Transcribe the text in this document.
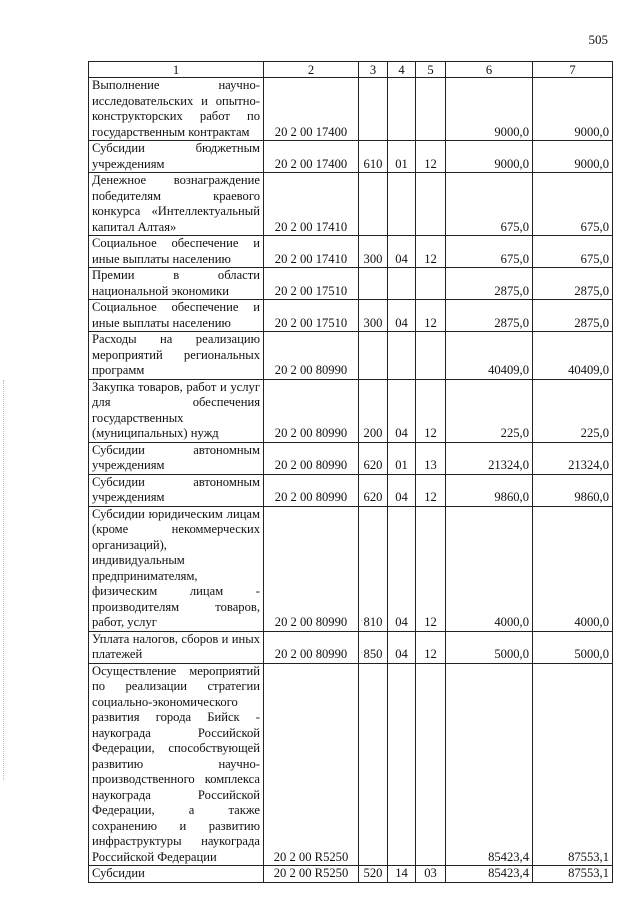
505
1	2	3	4	5	6	7
Выполнение научно-исследовательских и опытно-конструкторских работ по государственным контрактам	20 2 00 17400				9000,0	9000,0
Субсидии бюджетным учреждениям	20 2 00 17400	610	01	12	9000,0	9000,0
Денежное вознаграждение победителям краевого конкурса «Интеллектуальный капитал Алтая»	20 2 00 17410				675,0	675,0
Социальное обеспечение и иные выплаты населению	20 2 00 17410	300	04	12	675,0	675,0
Премии в области национальной экономики	20 2 00 17510				2875,0	2875,0
Социальное обеспечение и иные выплаты населению	20 2 00 17510	300	04	12	2875,0	2875,0
Расходы на реализацию мероприятий региональных программ	20 2 00 80990				40409,0	40409,0
Закупка товаров, работ и услуг для обеспечения государственных (муниципальных) нужд	20 2 00 80990	200	04	12	225,0	225,0
Субсидии автономным учреждениям	20 2 00 80990	620	01	13	21324,0	21324,0
Субсидии автономным учреждениям	20 2 00 80990	620	04	12	9860,0	9860,0
Субсидии юридическим лицам (кроме некоммерческих организаций), индивидуальным предпринимателям, физическим лицам - производителям товаров, работ, услуг	20 2 00 80990	810	04	12	4000,0	4000,0
Уплата налогов, сборов и иных платежей	20 2 00 80990	850	04	12	5000,0	5000,0
Осуществление мероприятий по реализации стратегии социально-экономического развития города Бийск - наукограда Российской Федерации, способствующей развитию научно-производственного комплекса наукограда Российской Федерации, а также сохранению и развитию инфраструктуры наукограда Российской Федерации	20 2 00 R5250				85423,4	87553,1
Субсидии	20 2 00 R5250	520	14	03	85423,4	87553,1
